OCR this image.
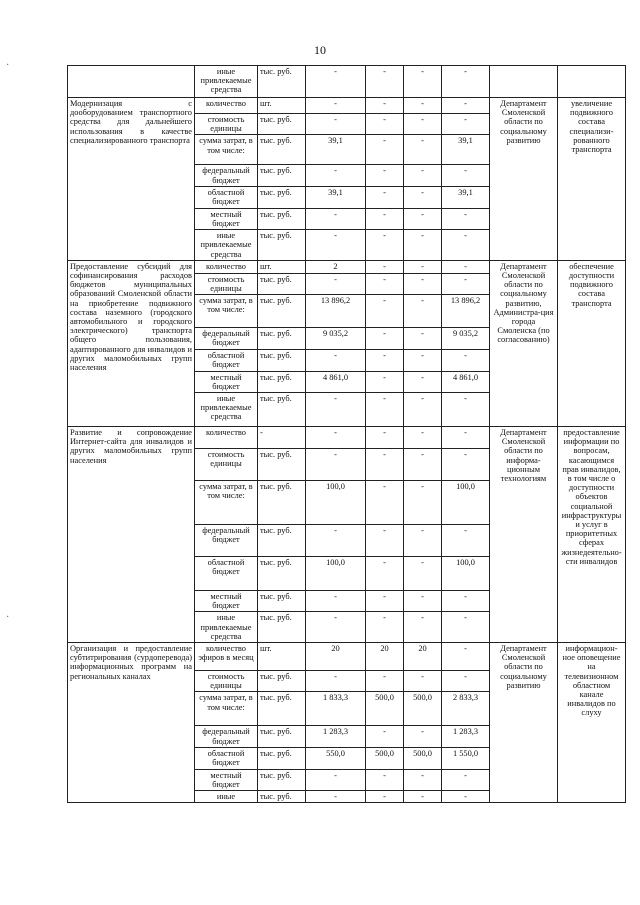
10
·
·
	иные привлекаемые средства	тыс. руб.	-	-	-	-		
Модернизация с дооборудованием транспортного средства для дальнейшего использования в качестве специализированного транспорта	количество	шт.	-	-	-	-	Департамент Смоленской области по социальному развитию	увеличение подвижного состава специализи-рованного транспорта
	стоимость единицы	тыс. руб.	-	-	-	-		
	сумма затрат, в том числе:	тыс. руб.	39,1	-	-	39,1		
	федеральный бюджет	тыс. руб.	-	-	-	-		
	областной бюджет	тыс. руб.	39,1	-	-	39,1		
	местный бюджет	тыс. руб.	-	-	-	-		
	иные привлекаемые средства	тыс. руб.	-	-	-	-		
Предоставление субсидий для софинансирования расходов бюджетов муниципальных образований Смоленской области на приобретение подвижного состава наземного (городского автомобильного и городского электрического) транспорта общего пользования, адаптированного для инвалидов и других маломобильных групп населения	количество	шт.	2	-	-	-	Департамент Смоленской области по социальному развитию, Администра-ция города Смоленска (по согласованию)	обеспечение доступности подвижного состава транспорта
	стоимость единицы	тыс. руб.	-	-	-	-		
	сумма затрат, в том числе:	тыс. руб.	13 896,2	-	-	13 896,2		
	федеральный бюджет	тыс. руб.	9 035,2	-	-	9 035,2		
	областной бюджет	тыс. руб.	-	-	-	-		
	местный бюджет	тыс. руб.	4 861,0	-	-	4 861,0		
	иные привлекаемые средства	тыс. руб.	-	-	-	-		
Развитие и сопровождение Интернет-сайта для инвалидов и других маломобильных групп населения	количество	-	-	-	-	-	Департамент Смоленской области по информа-ционным технологиям	предоставление информации по вопросам, касающимся прав инвалидов, в том числе о доступности объектов социальной инфраструктуры и услуг в приоритетных сферах жизнедеятельно-сти инвалидов
	стоимость единицы	тыс. руб.	-	-	-	-		
	сумма затрат, в том числе:	тыс. руб.	100,0	-	-	100,0		
	федеральный бюджет	тыс. руб.	-	-	-	-		
	областной бюджет	тыс. руб.	100,0	-	-	100,0		
	местный бюджет	тыс. руб.	-	-	-	-		
	иные привлекаемые средства	тыс. руб.	-	-	-	-		
Организация и предоставление субтитрирования (сурдоперевода) информационных программ на региональных каналах	количество эфиров в месяц	шт.	20	20	20	-	Департамент Смоленской области по социальному развитию	информацион-ное оповещение на телевизионном областном канале инвалидов по слуху
	стоимость единицы	тыс. руб.	-	-	-	-		
	сумма затрат, в том числе:	тыс. руб.	1 833,3	500,0	500,0	2 833,3		
	федеральный бюджет	тыс. руб.	1 283,3	-	-	1 283,3		
	областной бюджет	тыс. руб.	550,0	500,0	500,0	1 550,0		
	местный бюджет	тыс. руб.	-	-	-	-		
	иные	тыс. руб.	-	-	-	-		
